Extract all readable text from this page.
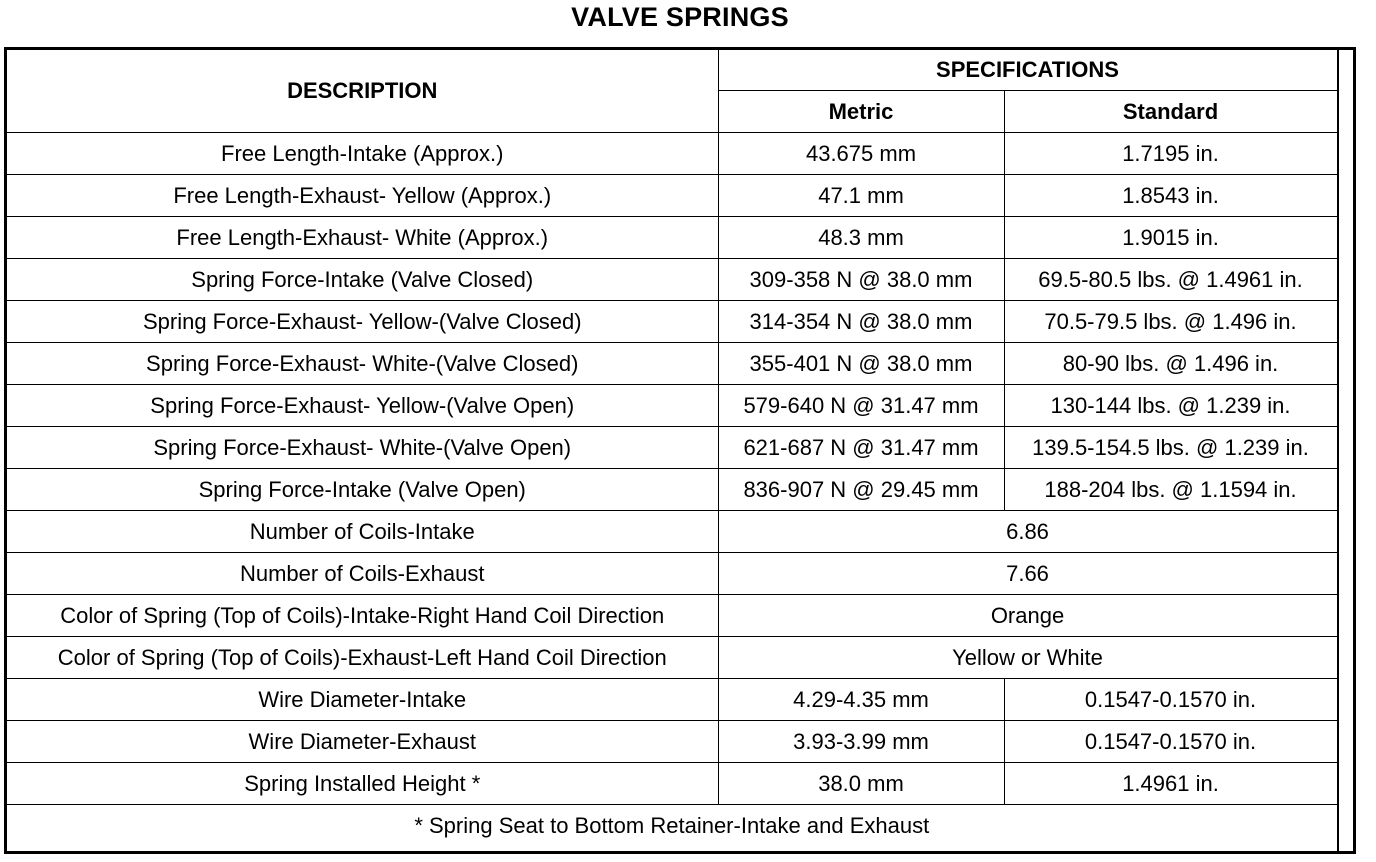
VALVE SPRINGS
DESCRIPTION	SPECIFICATIONS	
	Metric	Standard
Free Length-Intake (Approx.)	43.675 mm	1.7195 in.
Free Length-Exhaust- Yellow (Approx.)	47.1 mm	1.8543 in.
Free Length-Exhaust- White (Approx.)	48.3 mm	1.9015 in.
Spring Force-Intake (Valve Closed)	309-358 N @ 38.0 mm	69.5-80.5 lbs. @ 1.4961 in.
Spring Force-Exhaust- Yellow-(Valve Closed)	314-354 N @ 38.0 mm	70.5-79.5 lbs. @ 1.496 in.
Spring Force-Exhaust- White-(Valve Closed)	355-401 N @ 38.0 mm	80-90 lbs. @ 1.496 in.
Spring Force-Exhaust- Yellow-(Valve Open)	579-640 N @ 31.47 mm	130-144 lbs. @ 1.239 in.
Spring Force-Exhaust- White-(Valve Open)	621-687 N @ 31.47 mm	139.5-154.5 lbs. @ 1.239 in.
Spring Force-Intake (Valve Open)	836-907 N @ 29.45 mm	188-204 lbs. @ 1.1594 in.
Number of Coils-Intake	6.86	
Number of Coils-Exhaust	7.66	
Color of Spring (Top of Coils)-Intake-Right Hand Coil Direction	Orange	
Color of Spring (Top of Coils)-Exhaust-Left Hand Coil Direction	Yellow or White	
Wire Diameter-Intake	4.29-4.35 mm	0.1547-0.1570 in.
Wire Diameter-Exhaust	3.93-3.99 mm	0.1547-0.1570 in.
Spring Installed Height *	38.0 mm	1.4961 in.
* Spring Seat to Bottom Retainer-Intake and Exhaust		
